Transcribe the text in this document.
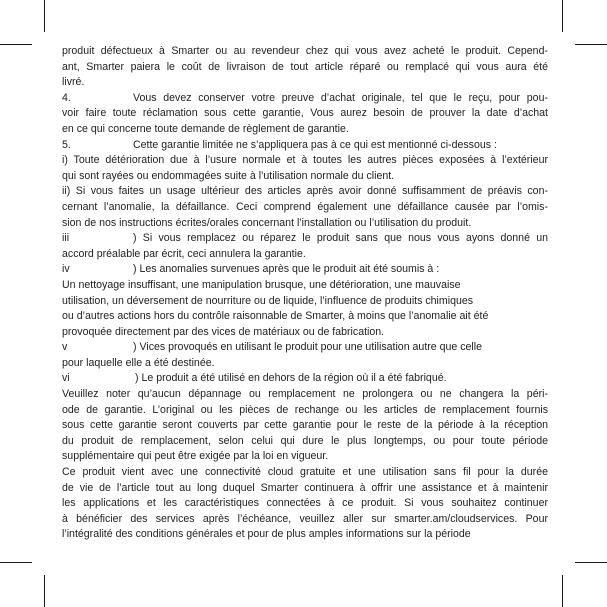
produit défectueux à Smarter ou au revendeur chez qui vous avez acheté le produit. Cepend-
ant, Smarter paiera le coût de livraison de tout article réparé ou remplacé qui vous aura été
livré.
4.	Vous devez conserver votre preuve d’achat originale, tel que le reçu, pour pou-
voir faire toute réclamation sous cette garantie, Vous aurez besoin de prouver la date d’achat
en ce qui concerne toute demande de règlement de garantie.
5.	Cette garantie limitée ne s’appliquera pas à ce qui est mentionné ci-dessous :
i) Toute détérioration due à l’usure normale et à toutes les autres pièces exposées à l’extérieur
qui sont rayées ou endommagées suite à l’utilisation normale du client.
ii) Si vous faites un usage ultérieur des articles après avoir donné suffisamment de préavis con-
cernant l’anomalie, la défaillance. Ceci comprend également une défaillance causée par l’omis-
sion de nos instructions écrites/orales concernant l’installation ou l’utilisation du produit.
iii	) Si vous remplacez ou réparez le produit sans que nous vous ayons donné un
accord préalable par écrit, ceci annulera la garantie.
iv	) Les anomalies survenues après que le produit ait été soumis à :
Un nettoyage insuffisant, une manipulation brusque, une détérioration, une mauvaise
utilisation, un déversement de nourriture ou de liquide, l’influence de produits chimiques
ou d’autres actions hors du contrôle raisonnable de Smarter, à moins que l’anomalie ait été
provoquée directement par des vices de matériaux ou de fabrication.
v	) Vices provoqués en utilisant le produit pour une utilisation autre que celle
pour laquelle elle a été destinée.
vi	) Le produit a été utilisé en dehors de la région où il a été fabriqué.
Veuillez noter qu’aucun dépannage ou remplacement ne prolongera ou ne changera la péri-
ode de garantie. L’original ou les pièces de rechange ou les articles de remplacement fournis
sous cette garantie seront couverts par cette garantie pour le reste de la période à la réception
du produit de remplacement, selon celui qui dure le plus longtemps, ou pour toute période
supplémentaire qui peut être exigée par la loi en vigueur.
Ce produit vient avec une connectivité cloud gratuite et une utilisation sans fil pour la durée
de vie de l’article tout au long duquel Smarter continuera à offrir une assistance et à maintenir
les applications et les caractéristiques connectées à ce produit. Si vous souhaitez continuer
à bénéficier des services après l’échéance, veuillez aller sur smarter.am/cloudservices. Pour
l’intégralité des conditions générales et pour de plus amples informations sur la période
